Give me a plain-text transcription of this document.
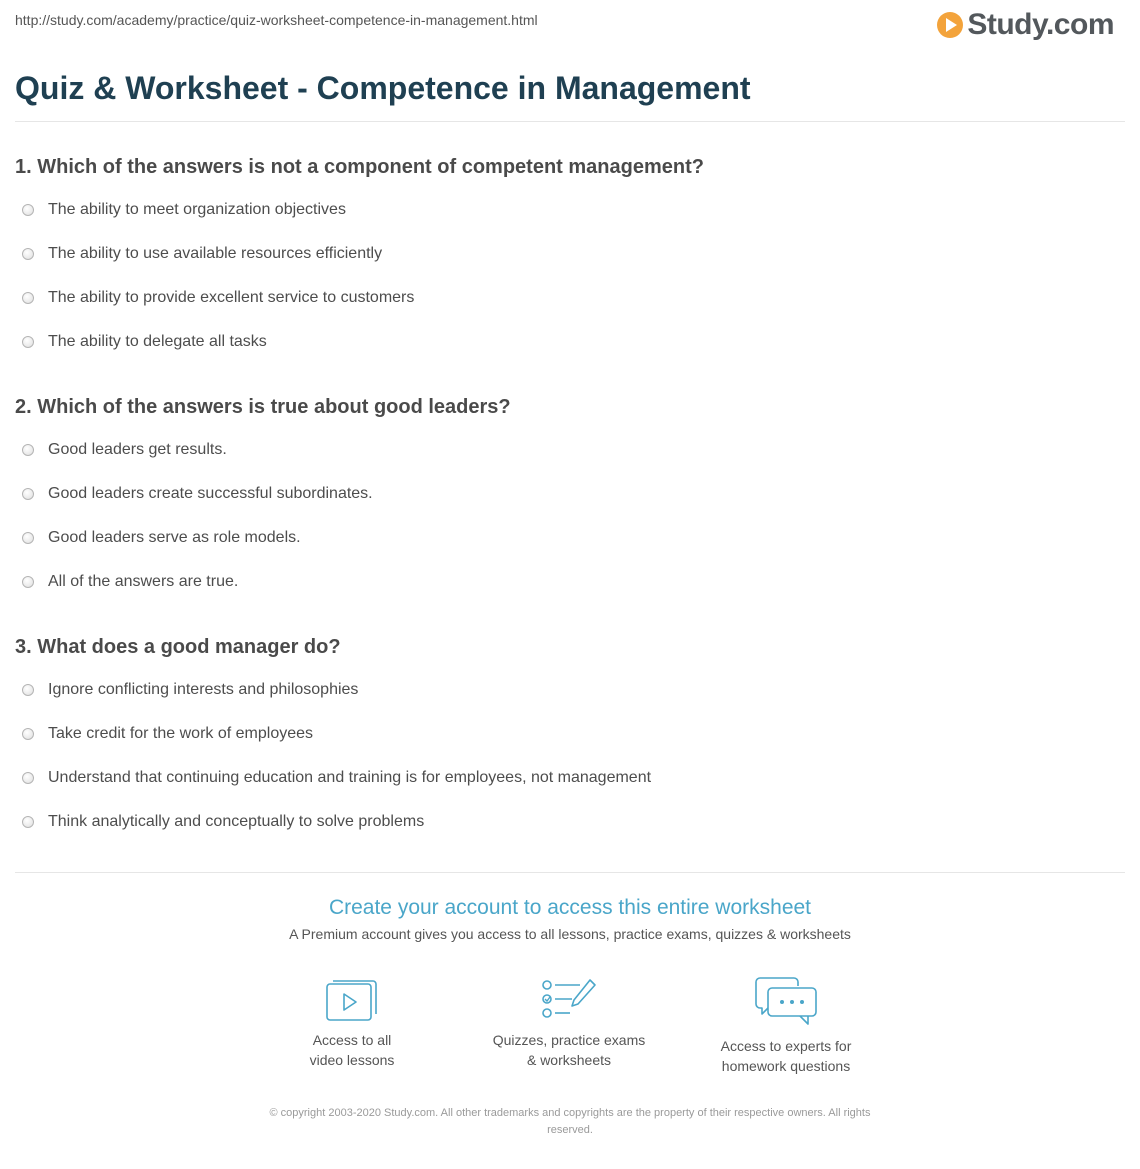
http://study.com/academy/practice/quiz-worksheet-competence-in-management.html	Study.com
Quiz & Worksheet - Competence in Management
1. Which of the answers is not a component of competent management?
The ability to meet organization objectives
The ability to use available resources efficiently
The ability to provide excellent service to customers
The ability to delegate all tasks
2. Which of the answers is true about good leaders?
Good leaders get results.
Good leaders create successful subordinates.
Good leaders serve as role models.
All of the answers are true.
3. What does a good manager do?
Ignore conflicting interests and philosophies
Take credit for the work of employees
Understand that continuing education and training is for employees, not management
Think analytically and conceptually to solve problems
Create your account to access this entire worksheet
A Premium account gives you access to all lessons, practice exams, quizzes & worksheets
Access to all
video lessons
Quizzes, practice exams
& worksheets
Access to experts for
homework questions
© copyright 2003-2020 Study.com. All other trademarks and copyrights are the property of their respective owners. All rights
reserved.
